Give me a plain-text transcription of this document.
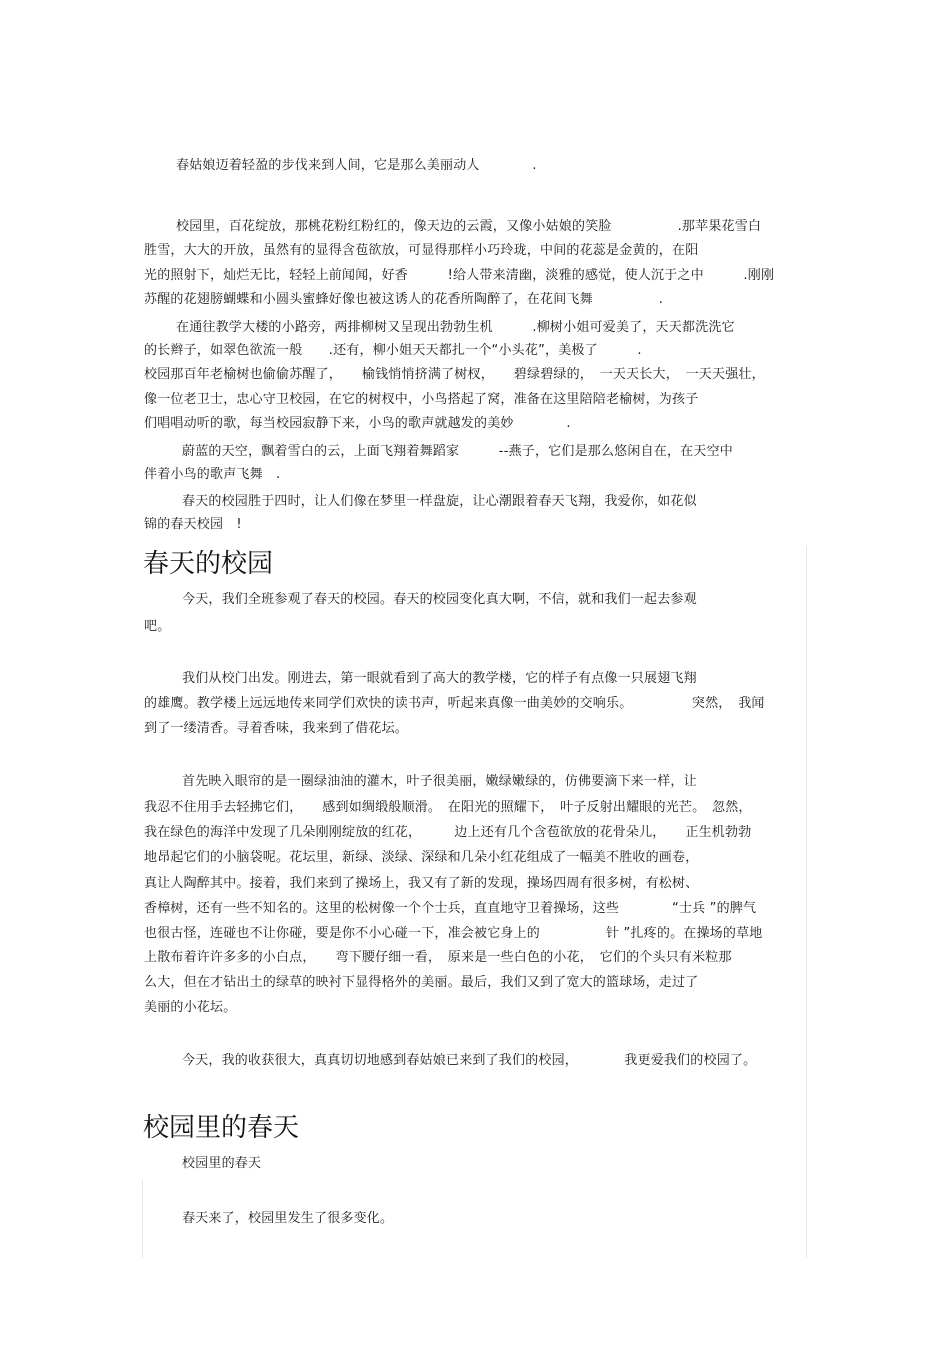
春姑娘迈着轻盈的步伐来到人间，它是那么美丽动人　　　　.
校园里，百花绽放，那桃花粉红粉红的，像天边的云霞，又像小姑娘的笑脸　　　　　.那苹果花雪白
胜雪，大大的开放，虽然有的显得含苞欲放，可显得那样小巧玲珑，中间的花蕊是金黄的，在阳
光的照射下，灿烂无比，轻轻上前闻闻，好香　　　!给人带来清幽，淡雅的感觉，使人沉于之中　　　.刚刚
苏醒的花翅膀蝴蝶和小圆头蜜蜂好像也被这诱人的花香所陶醉了，在花间飞舞　　　　　.
在通往教学大楼的小路旁，两排柳树又呈现出勃勃生机　　　.柳树小姐可爱美了，天天都洗洗它
的长辫子，如翠色欲流一般　　.还有，柳小姐天天都扎一个“小头花”，美极了　　　.
校园那百年老榆树也偷偷苏醒了，　　榆钱悄悄挤满了树杈，　　碧绿碧绿的，　一天天长大，　一天天强壮，
像一位老卫士，忠心守卫校园，在它的树杈中，小鸟搭起了窝，准备在这里陪陪老榆树，为孩子
们唱唱动听的歌，每当校园寂静下来，小鸟的歌声就越发的美妙　　　　.
蔚蓝的天空，飘着雪白的云，上面飞翔着舞蹈家　　　--燕子，它们是那么悠闲自在，在天空中
伴着小鸟的歌声飞舞　.
春天的校园胜于四时，让人们像在梦里一样盘旋，让心潮跟着春天飞翔，我爱你，如花似
锦的春天校园　!
春天的校园
今天，我们全班参观了春天的校园。春天的校园变化真大啊，不信，就和我们一起去参观
吧。
我们从校门出发。刚进去，第一眼就看到了高大的教学楼，它的样子有点像一只展翅飞翔
的雄鹰。教学楼上远远地传来同学们欢快的读书声，听起来真像一曲美妙的交响乐。　　　　　突然，　我闻
到了一缕清香。寻着香味，我来到了借花坛。
首先映入眼帘的是一圈绿油油的灌木，叶子很美丽，嫩绿嫩绿的，仿佛要滴下来一样，让
我忍不住用手去轻拂它们，　　感到如绸缎般顺滑。　在阳光的照耀下，　叶子反射出耀眼的光芒。　忽然，
我在绿色的海洋中发现了几朵刚刚绽放的红花，　　　边上还有几个含苞欲放的花骨朵儿，　　正生机勃勃
地昂起它们的小脑袋呢。花坛里，新绿、淡绿、深绿和几朵小红花组成了一幅美不胜收的画卷，
真让人陶醉其中。接着，我们来到了操场上，我又有了新的发现，操场四周有很多树，有松树、
香樟树，还有一些不知名的。这里的松树像一个个士兵，直直地守卫着操场，这些　　　　“士兵 ”的脾气
也很古怪，连碰也不让你碰，要是你不小心碰一下，准会被它身上的　　　　　针 ”扎疼的。在操场的草地
上散布着许许多多的小白点，　　弯下腰仔细一看，　原来是一些白色的小花，　它们的个头只有米粒那
么大，但在才钻出土的绿草的映衬下显得格外的美丽。最后，我们又到了宽大的篮球场，走过了
美丽的小花坛。
今天，我的收获很大，真真切切地感到春姑娘已来到了我们的校园，　　　　我更爱我们的校园了。
校园里的春天
校园里的春天
春天来了，校园里发生了很多变化。
